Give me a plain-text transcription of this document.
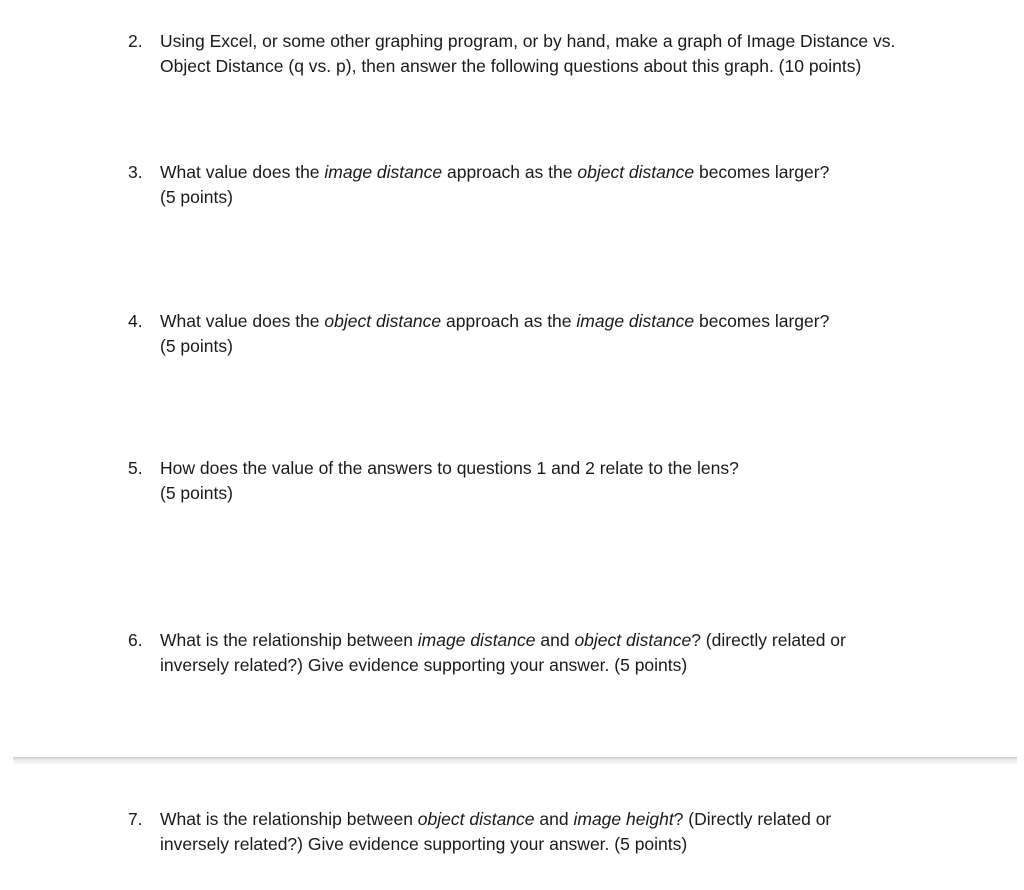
2. Using Excel, or some other graphing program, or by hand, make a graph of Image Distance vs.
Object Distance (q vs. p), then answer the following questions about this graph. (10 points)
3. What value does the image distance approach as the object distance becomes larger?
(5 points)
4. What value does the object distance approach as the image distance becomes larger?
(5 points)
5. How does the value of the answers to questions 1 and 2 relate to the lens?
(5 points)
6. What is the relationship between image distance and object distance? (directly related or
inversely related?) Give evidence supporting your answer. (5 points)
7. What is the relationship between object distance and image height? (Directly related or
inversely related?) Give evidence supporting your answer. (5 points)
